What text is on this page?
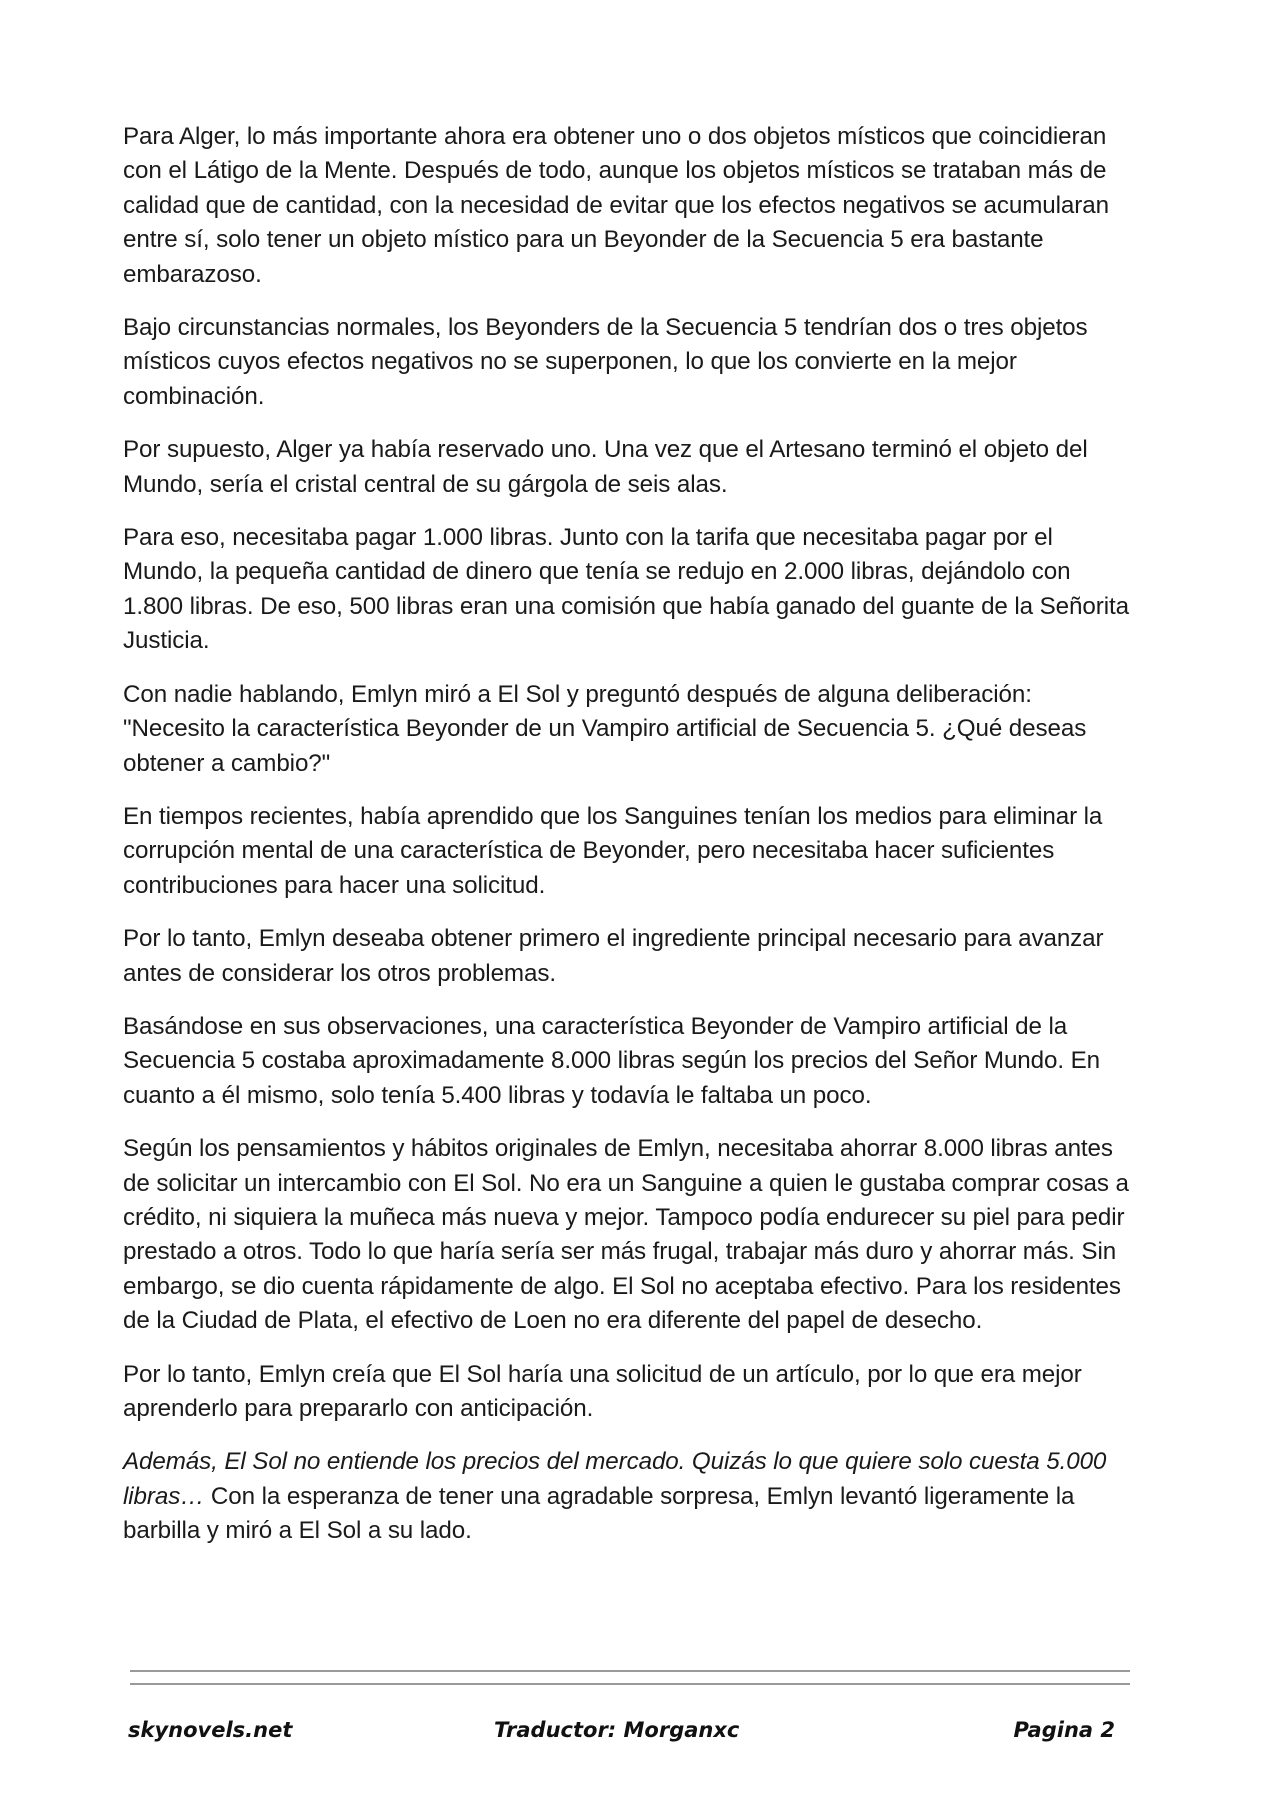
Para Alger, lo más importante ahora era obtener uno o dos objetos místicos que coincidieran con el Látigo de la Mente. Después de todo, aunque los objetos místicos se trataban más de calidad que de cantidad, con la necesidad de evitar que los efectos negativos se acumularan entre sí, solo tener un objeto místico para un Beyonder de la Secuencia 5 era bastante embarazoso.

Bajo circunstancias normales, los Beyonders de la Secuencia 5 tendrían dos o tres objetos místicos cuyos efectos negativos no se superponen, lo que los convierte en la mejor combinación.

Por supuesto, Alger ya había reservado uno. Una vez que el Artesano terminó el objeto del Mundo, sería el cristal central de su gárgola de seis alas.

Para eso, necesitaba pagar 1.000 libras. Junto con la tarifa que necesitaba pagar por el Mundo, la pequeña cantidad de dinero que tenía se redujo en 2.000 libras, dejándolo con 1.800 libras. De eso, 500 libras eran una comisión que había ganado del guante de la Señorita Justicia.

Con nadie hablando, Emlyn miró a El Sol y preguntó después de alguna deliberación: "Necesito la característica Beyonder de un Vampiro artificial de Secuencia 5. ¿Qué deseas obtener a cambio?"

En tiempos recientes, había aprendido que los Sanguines tenían los medios para eliminar la corrupción mental de una característica de Beyonder, pero necesitaba hacer suficientes contribuciones para hacer una solicitud.

Por lo tanto, Emlyn deseaba obtener primero el ingrediente principal necesario para avanzar antes de considerar los otros problemas.

Basándose en sus observaciones, una característica Beyonder de Vampiro artificial de la Secuencia 5 costaba aproximadamente 8.000 libras según los precios del Señor Mundo. En cuanto a él mismo, solo tenía 5.400 libras y todavía le faltaba un poco.

Según los pensamientos y hábitos originales de Emlyn, necesitaba ahorrar 8.000 libras antes de solicitar un intercambio con El Sol. No era un Sanguine a quien le gustaba comprar cosas a crédito, ni siquiera la muñeca más nueva y mejor. Tampoco podía endurecer su piel para pedir prestado a otros. Todo lo que haría sería ser más frugal, trabajar más duro y ahorrar más. Sin embargo, se dio cuenta rápidamente de algo. El Sol no aceptaba efectivo. Para los residentes de la Ciudad de Plata, el efectivo de Loen no era diferente del papel de desecho.

Por lo tanto, Emlyn creía que El Sol haría una solicitud de un artículo, por lo que era mejor aprenderlo para prepararlo con anticipación.

Además, El Sol no entiende los precios del mercado. Quizás lo que quiere solo cuesta 5.000 libras… Con la esperanza de tener una agradable sorpresa, Emlyn levantó ligeramente la barbilla y miró a El Sol a su lado.

skynovels.net	Traductor: Morganxc	Pagina 2
